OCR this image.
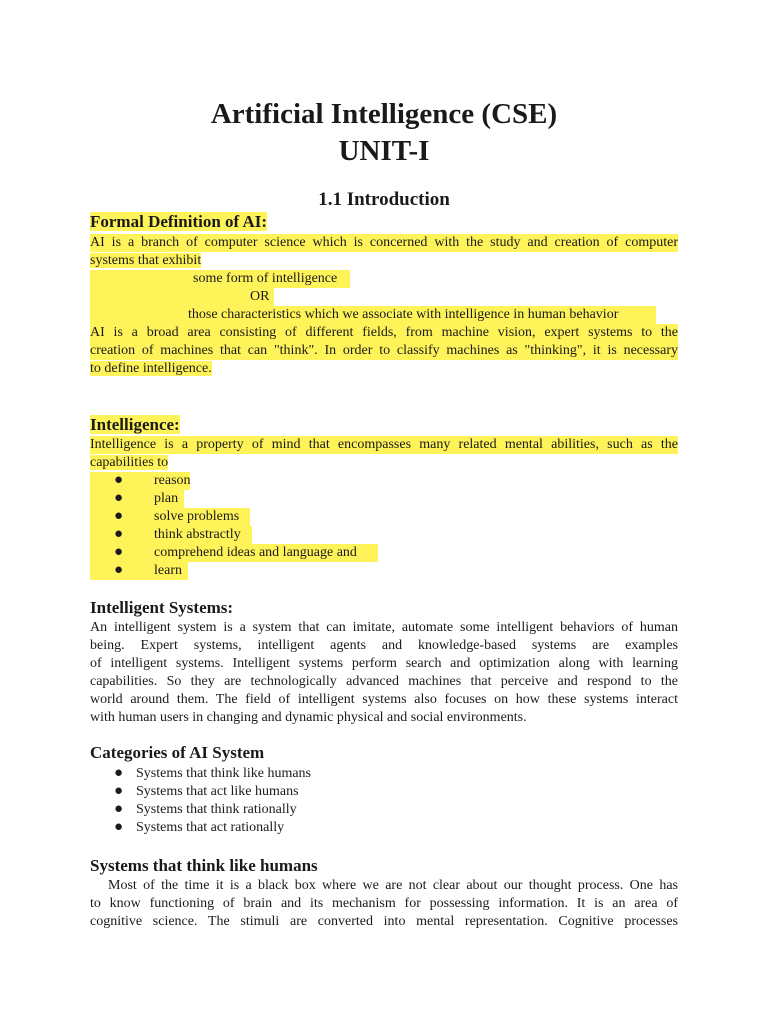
Artificial Intelligence (CSE)
UNIT-I
1.1 Introduction
Formal Definition of AI:
AI is a branch of computer science which is concerned with the study and creation of computer
systems that exhibit
some form of intelligence
OR
those characteristics which we associate with intelligence in human behavior
AI is a broad area consisting of different fields, from machine vision, expert systems to the
creation of machines that can "think". In order to classify machines as "thinking", it is necessary
to define intelligence.
Intelligence:
Intelligence is a property of mind that encompasses many related mental abilities, such as the
capabilities to
● reason
● plan
● solve problems
● think abstractly
● comprehend ideas and language and
● learn
Intelligent Systems:
An intelligent system is a system that can imitate, automate some intelligent behaviors of human
being. Expert systems, intelligent agents and knowledge-based systems are examples
of intelligent systems. Intelligent systems perform search and optimization along with learning
capabilities. So they are technologically advanced machines that perceive and respond to the
world around them. The field of intelligent systems also focuses on how these systems interact
with human users in changing and dynamic physical and social environments.
Categories of AI System
● Systems that think like humans
● Systems that act like humans
● Systems that think rationally
● Systems that act rationally
Systems that think like humans
Most of the time it is a black box where we are not clear about our thought process. One has
to know functioning of brain and its mechanism for possessing information. It is an area of
cognitive science. The stimuli are converted into mental representation. Cognitive processes
